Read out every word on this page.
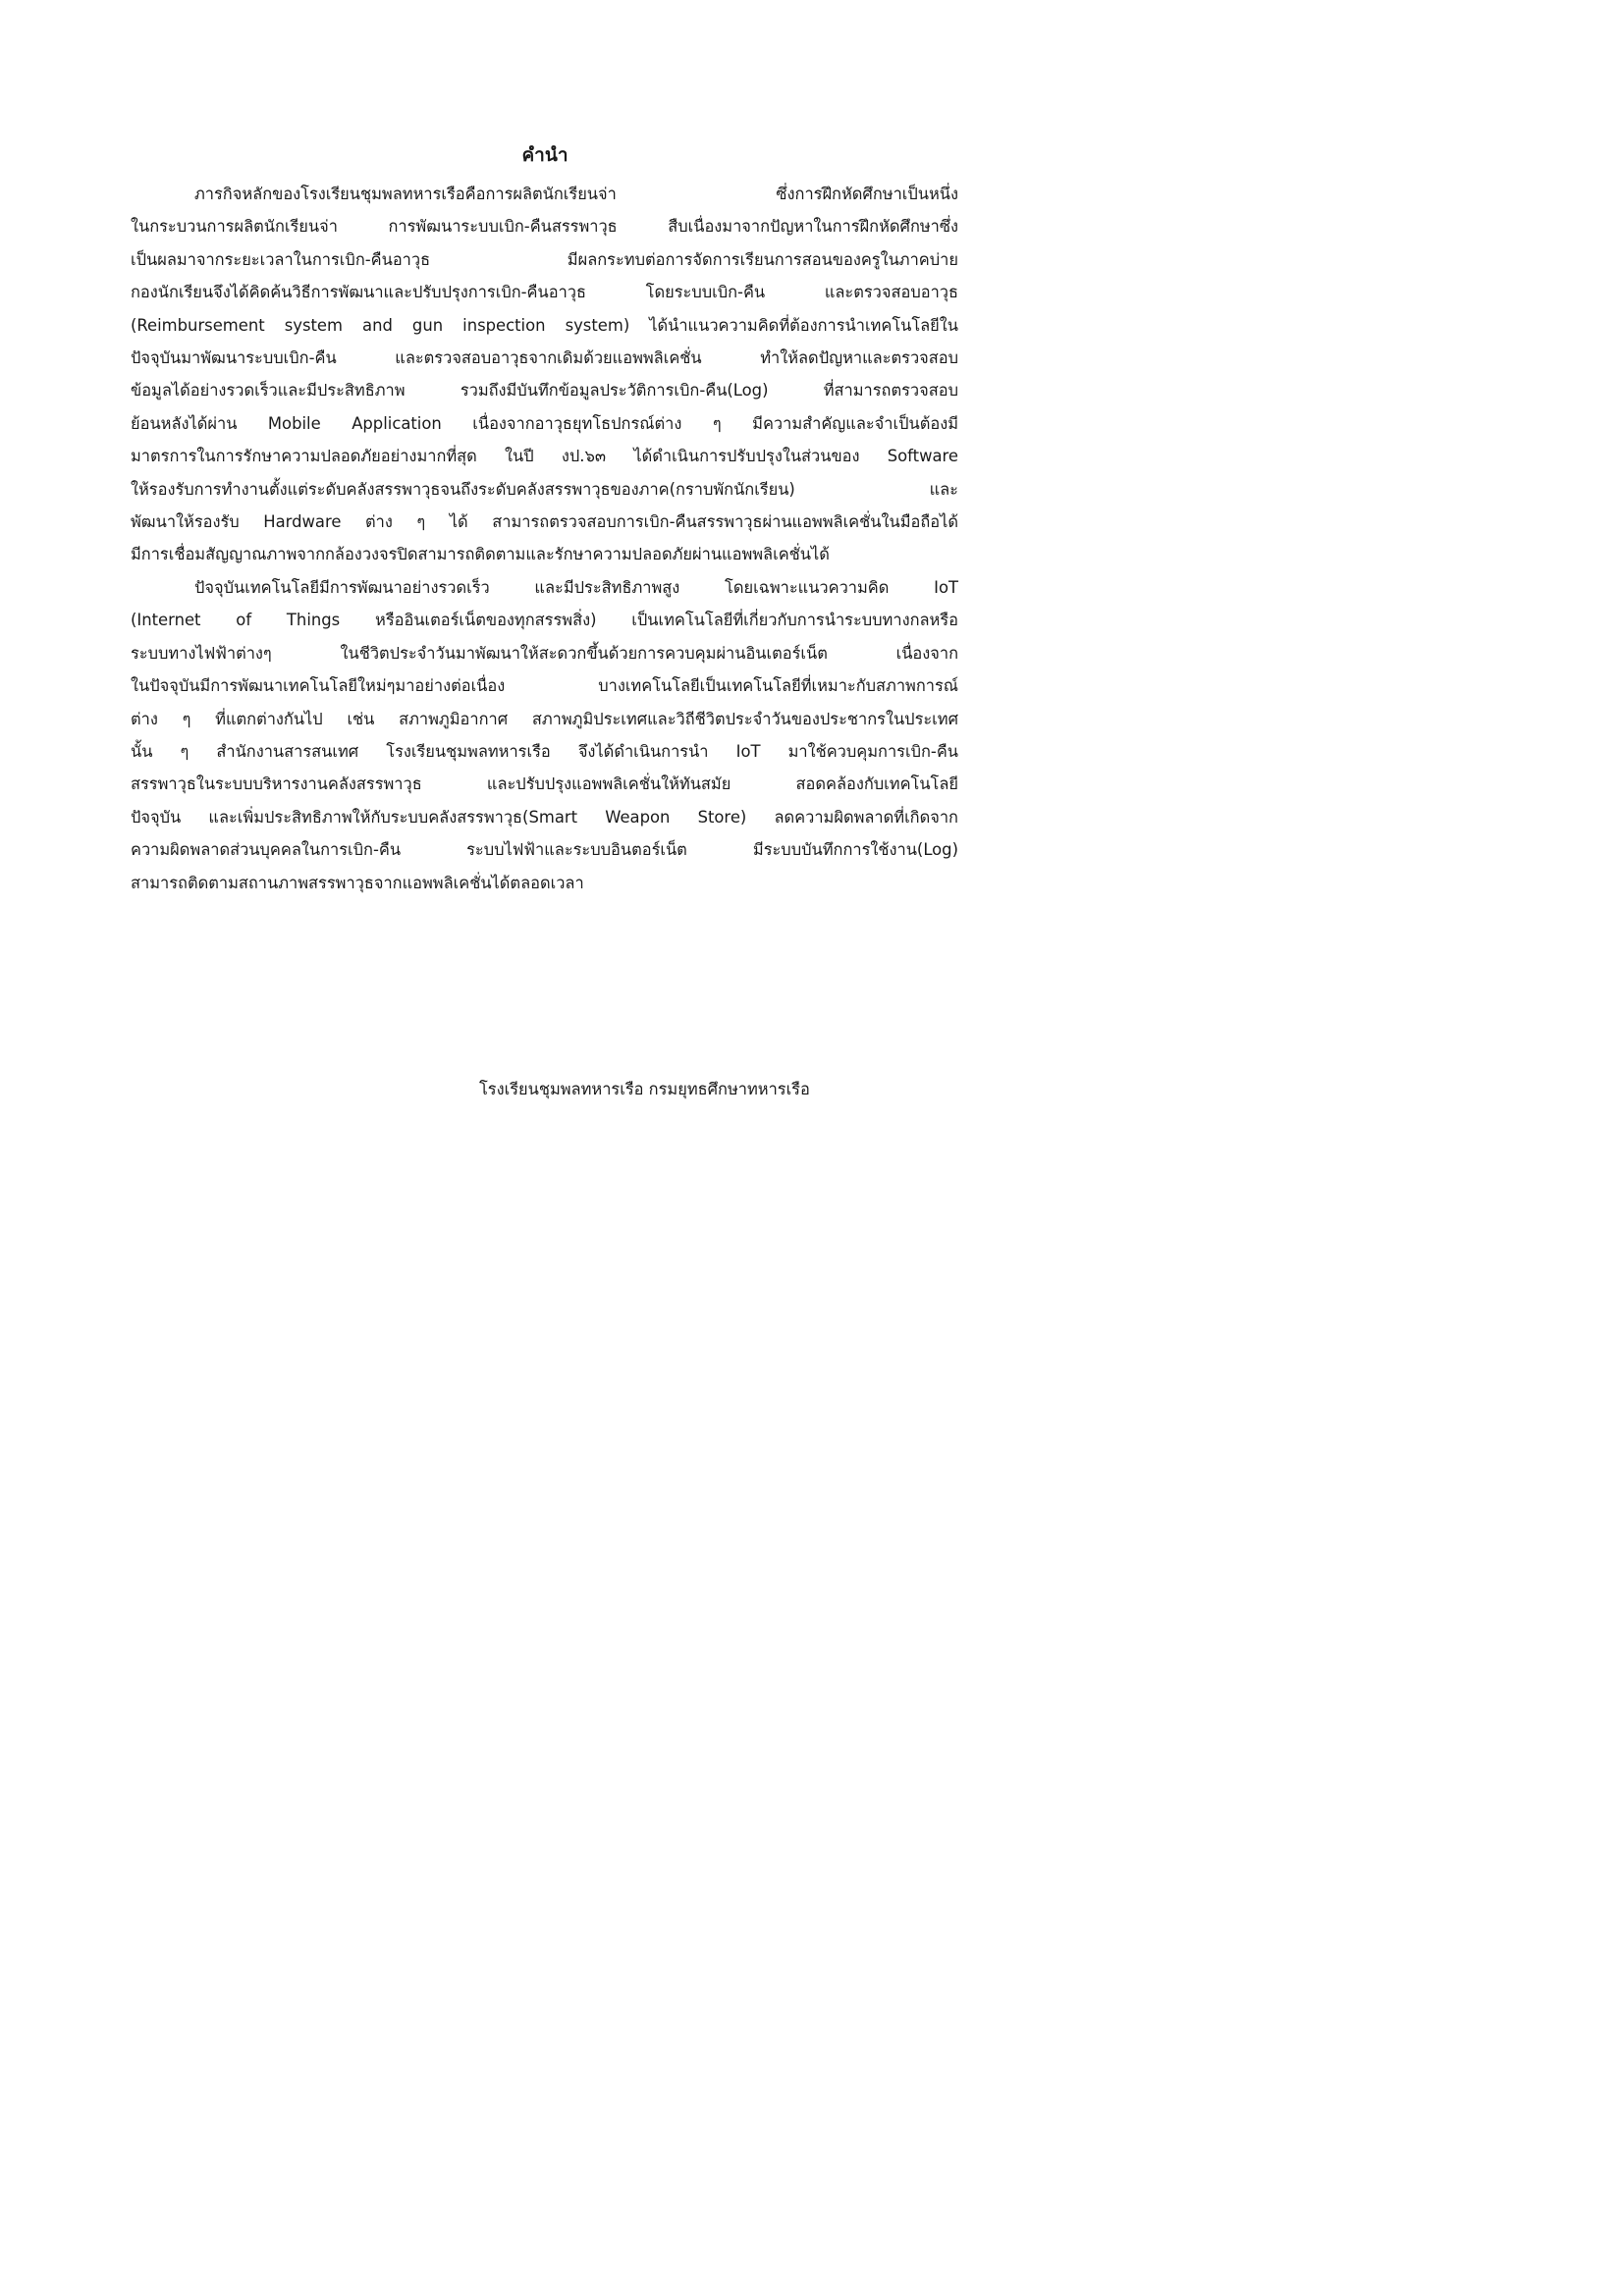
คำนำ
ภารกิจหลักของโรงเรียนชุมพลทหารเรือคือการผลิตนักเรียนจ่า ซึ่งการฝึกหัดศึกษาเป็นหนึ่ง
ในกระบวนการผลิตนักเรียนจ่า การพัฒนาระบบเบิก-คืนสรรพาวุธ สืบเนื่องมาจากปัญหาในการฝึกหัดศึกษาซึ่ง
เป็นผลมาจากระยะเวลาในการเบิก-คืนอาวุธ มีผลกระทบต่อการจัดการเรียนการสอนของครูในภาคบ่าย
กองนักเรียนจึงได้คิดค้นวิธีการพัฒนาและปรับปรุงการเบิก-คืนอาวุธ โดยระบบเบิก-คืน และตรวจสอบอาวุธ
(Reimbursement system and gun inspection system) ได้นำแนวความคิดที่ต้องการนำเทคโนโลยีใน
ปัจจุบันมาพัฒนาระบบเบิก-คืน และตรวจสอบอาวุธจากเดิมด้วยแอพพลิเคชั่น ทำให้ลดปัญหาและตรวจสอบ
ข้อมูลได้อย่างรวดเร็วและมีประสิทธิภาพ รวมถึงมีบันทึกข้อมูลประวัติการเบิก-คืน(Log) ที่สามารถตรวจสอบ
ย้อนหลังได้ผ่าน Mobile Application เนื่องจากอาวุธยุทโธปกรณ์ต่าง ๆ มีความสำคัญและจำเป็นต้องมี
มาตรการในการรักษาความปลอดภัยอย่างมากที่สุด ในปี งป.๖๓ ได้ดำเนินการปรับปรุงในส่วนของ Software
ให้รองรับการทำงานตั้งแต่ระดับคลังสรรพาวุธจนถึงระดับคลังสรรพาวุธของภาค(กราบพักนักเรียน) และ
พัฒนาให้รองรับ Hardware ต่าง ๆ ได้ สามารถตรวจสอบการเบิก-คืนสรรพาวุธผ่านแอพพลิเคชั่นในมือถือได้
มีการเชื่อมสัญญาณภาพจากกล้องวงจรปิดสามารถติดตามและรักษาความปลอดภัยผ่านแอพพลิเคชั่นได้
ปัจจุบันเทคโนโลยีมีการพัฒนาอย่างรวดเร็ว และมีประสิทธิภาพสูง โดยเฉพาะแนวความคิด IoT
(Internet of Things หรืออินเตอร์เน็ตของทุกสรรพสิ่ง) เป็นเทคโนโลยีที่เกี่ยวกับการนำระบบทางกลหรือ
ระบบทางไฟฟ้าต่างๆ ในชีวิตประจำวันมาพัฒนาให้สะดวกขึ้นด้วยการควบคุมผ่านอินเตอร์เน็ต เนื่องจาก
ในปัจจุบันมีการพัฒนาเทคโนโลยีใหม่ๆมาอย่างต่อเนื่อง บางเทคโนโลยีเป็นเทคโนโลยีที่เหมาะกับสภาพการณ์
ต่าง ๆ ที่แตกต่างกันไป เช่น สภาพภูมิอากาศ สภาพภูมิประเทศและวิถีชีวิตประจำวันของประชากรในประเทศ
นั้น ๆ สำนักงานสารสนเทศ โรงเรียนชุมพลทหารเรือ จึงได้ดำเนินการนำ IoT มาใช้ควบคุมการเบิก-คืน
สรรพาวุธในระบบบริหารงานคลังสรรพาวุธ และปรับปรุงแอพพลิเคชั่นให้ทันสมัย สอดคล้องกับเทคโนโลยี
ปัจจุบัน และเพิ่มประสิทธิภาพให้กับระบบคลังสรรพาวุธ(Smart Weapon Store) ลดความผิดพลาดที่เกิดจาก
ความผิดพลาดส่วนบุคคลในการเบิก-คืน ระบบไฟฟ้าและระบบอินตอร์เน็ต มีระบบบันทึกการใช้งาน(Log)
สามารถติดตามสถานภาพสรรพาวุธจากแอพพลิเคชั่นได้ตลอดเวลา
โรงเรียนชุมพลทหารเรือ กรมยุทธศึกษาทหารเรือ
